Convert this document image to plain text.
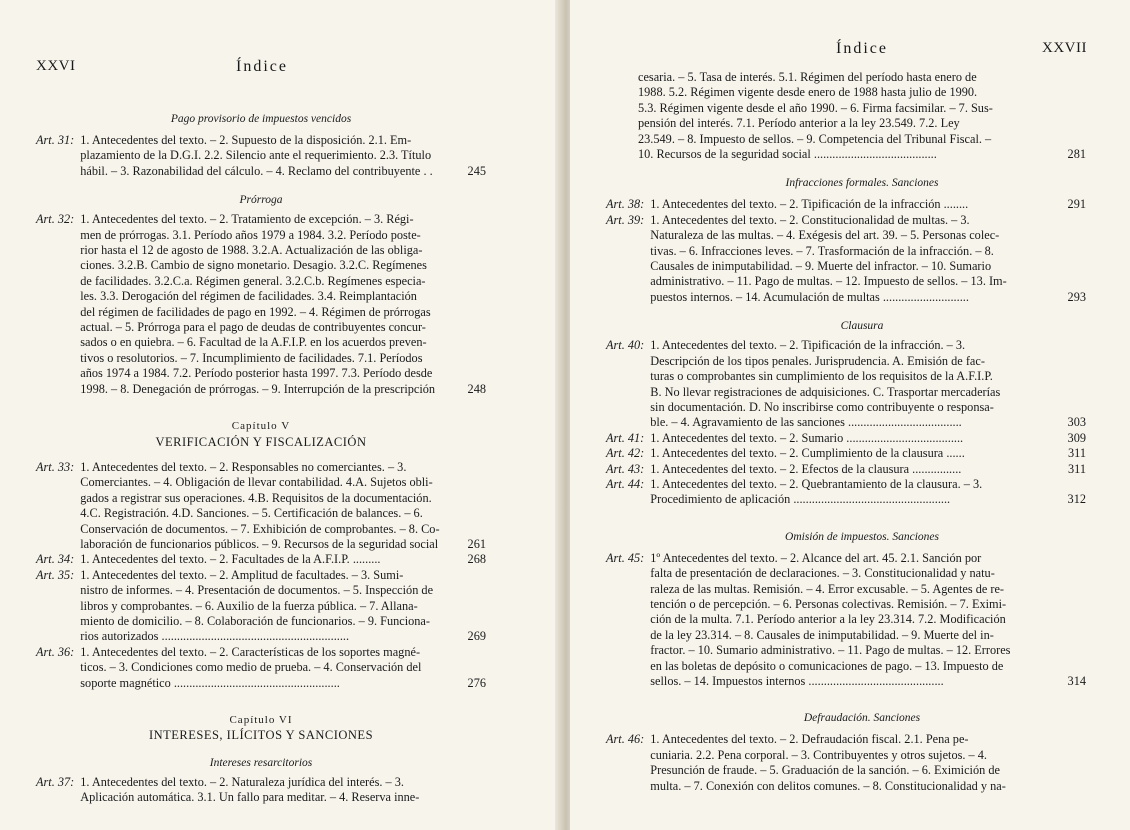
XXVI	Índice

Pago provisorio de impuestos vencidos

Art. 31: 1. Antecedentes del texto. – 2. Supuesto de la disposición. 2.1. Em-
plazamiento de la D.G.I. 2.2. Silencio ante el requerimiento. 2.3. Título
hábil. – 3. Razonabilidad del cálculo. – 4. Reclamo del contribuyente . .	245

Prórroga

Art. 32: 1. Antecedentes del texto. – 2. Tratamiento de excepción. – 3. Régi-
men de prórrogas. 3.1. Período años 1979 a 1984. 3.2. Período poste-
rior hasta el 12 de agosto de 1988. 3.2.A. Actualización de las obliga-
ciones. 3.2.B. Cambio de signo monetario. Desagio. 3.2.C. Regímenes
de facilidades. 3.2.C.a. Régimen general. 3.2.C.b. Regímenes especia-
les. 3.3. Derogación del régimen de facilidades. 3.4. Reimplantación
del régimen de facilidades de pago en 1992. – 4. Régimen de prórrogas
actual. – 5. Prórroga para el pago de deudas de contribuyentes concur-
sados o en quiebra. – 6. Facultad de la A.F.I.P. en los acuerdos preven-
tivos o resolutorios. – 7. Incumplimiento de facilidades. 7.1. Períodos
años 1974 a 1984. 7.2. Período posterior hasta 1997. 7.3. Período desde
1998. – 8. Denegación de prórrogas. – 9. Interrupción de la prescripción	248
Capítulo V
VERIFICACIÓN Y FISCALIZACIÓN
Art. 33: 1. Antecedentes del texto. – 2. Responsables no comerciantes. – 3.
Comerciantes. – 4. Obligación de llevar contabilidad. 4.A. Sujetos obli-
gados a registrar sus operaciones. 4.B. Requisitos de la documentación.
4.C. Registración. 4.D. Sanciones. – 5. Certificación de balances. – 6.
Conservación de documentos. – 7. Exhibición de comprobantes. – 8. Co-
laboración de funcionarios públicos. – 9. Recursos de la seguridad social	261
Art. 34: 1. Antecedentes del texto. – 2. Facultades de la A.F.I.P. .........	268
Art. 35: 1. Antecedentes del texto. – 2. Amplitud de facultades. – 3. Sumi-
nistro de informes. – 4. Presentación de documentos. – 5. Inspección de
libros y comprobantes. – 6. Auxilio de la fuerza pública. – 7. Allana-
miento de domicilio. – 8. Colaboración de funcionarios. – 9. Funciona-
rios autorizados .............................................................	269
Art. 36: 1. Antecedentes del texto. – 2. Características de los soportes magné-
ticos. – 3. Condiciones como medio de prueba. – 4. Conservación del
soporte magnético ......................................................	276
Capítulo VI
INTERESES, ILÍCITOS Y SANCIONES

Intereses resarcitorios

Art. 37: 1. Antecedentes del texto. – 2. Naturaleza jurídica del interés. – 3.
Aplicación automática. 3.1. Un fallo para meditar. – 4. Reserva inne-
Índice	XXVII
cesaria. – 5. Tasa de interés. 5.1. Régimen del período hasta enero de
1988. 5.2. Régimen vigente desde enero de 1988 hasta julio de 1990.
5.3. Régimen vigente desde el año 1990. – 6. Firma facsimilar. – 7. Sus-
pensión del interés. 7.1. Período anterior a la ley 23.549. 7.2. Ley
23.549. – 8. Impuesto de sellos. – 9. Competencia del Tribunal Fiscal. –
10. Recursos de la seguridad social ........................................	281

Infracciones formales. Sanciones

Art. 38: 1. Antecedentes del texto. – 2. Tipificación de la infracción ........	291
Art. 39: 1. Antecedentes del texto. – 2. Constitucionalidad de multas. – 3.
Naturaleza de las multas. – 4. Exégesis del art. 39. – 5. Personas colec-
tivas. – 6. Infracciones leves. – 7. Trasformación de la infracción. – 8.
Causales de inimputabilidad. – 9. Muerte del infractor. – 10. Sumario
administrativo. – 11. Pago de multas. – 12. Impuesto de sellos. – 13. Im-
puestos internos. – 14. Acumulación de multas ............................	293

Clausura

Art. 40: 1. Antecedentes del texto. – 2. Tipificación de la infracción. – 3.
Descripción de los tipos penales. Jurisprudencia. A. Emisión de fac-
turas o comprobantes sin cumplimiento de los requisitos de la A.F.I.P.
B. No llevar registraciones de adquisiciones. C. Trasportar mercaderías
sin documentación. D. No inscribirse como contribuyente o responsa-
ble. – 4. Agravamiento de las sanciones .....................................	303
Art. 41: 1. Antecedentes del texto. – 2. Sumario ......................................	309
Art. 42: 1. Antecedentes del texto. – 2. Cumplimiento de la clausura ......	311
Art. 43: 1. Antecedentes del texto. – 2. Efectos de la clausura ................	311
Art. 44: 1. Antecedentes del texto. – 2. Quebrantamiento de la clausura. – 3.
Procedimiento de aplicación ...................................................	312

Omisión de impuestos. Sanciones

Art. 45: 1º Antecedentes del texto. – 2. Alcance del art. 45. 2.1. Sanción por
falta de presentación de declaraciones. – 3. Constitucionalidad y natu-
raleza de las multas. Remisión. – 4. Error excusable. – 5. Agentes de re-
tención o de percepción. – 6. Personas colectivas. Remisión. – 7. Eximi-
ción de la multa. 7.1. Período anterior a la ley 23.314. 7.2. Modificación
de la ley 23.314. – 8. Causales de inimputabilidad. – 9. Muerte del in-
fractor. – 10. Sumario administrativo. – 11. Pago de multas. – 12. Errores
en las boletas de depósito o comunicaciones de pago. – 13. Impuesto de
sellos. – 14. Impuestos internos ............................................	314

Defraudación. Sanciones

Art. 46: 1. Antecedentes del texto. – 2. Defraudación fiscal. 2.1. Pena pe-
cuniaria. 2.2. Pena corporal. – 3. Contribuyentes y otros sujetos. – 4.
Presunción de fraude. – 5. Graduación de la sanción. – 6. Eximición de
multa. – 7. Conexión con delitos comunes. – 8. Constitucionalidad y na-
